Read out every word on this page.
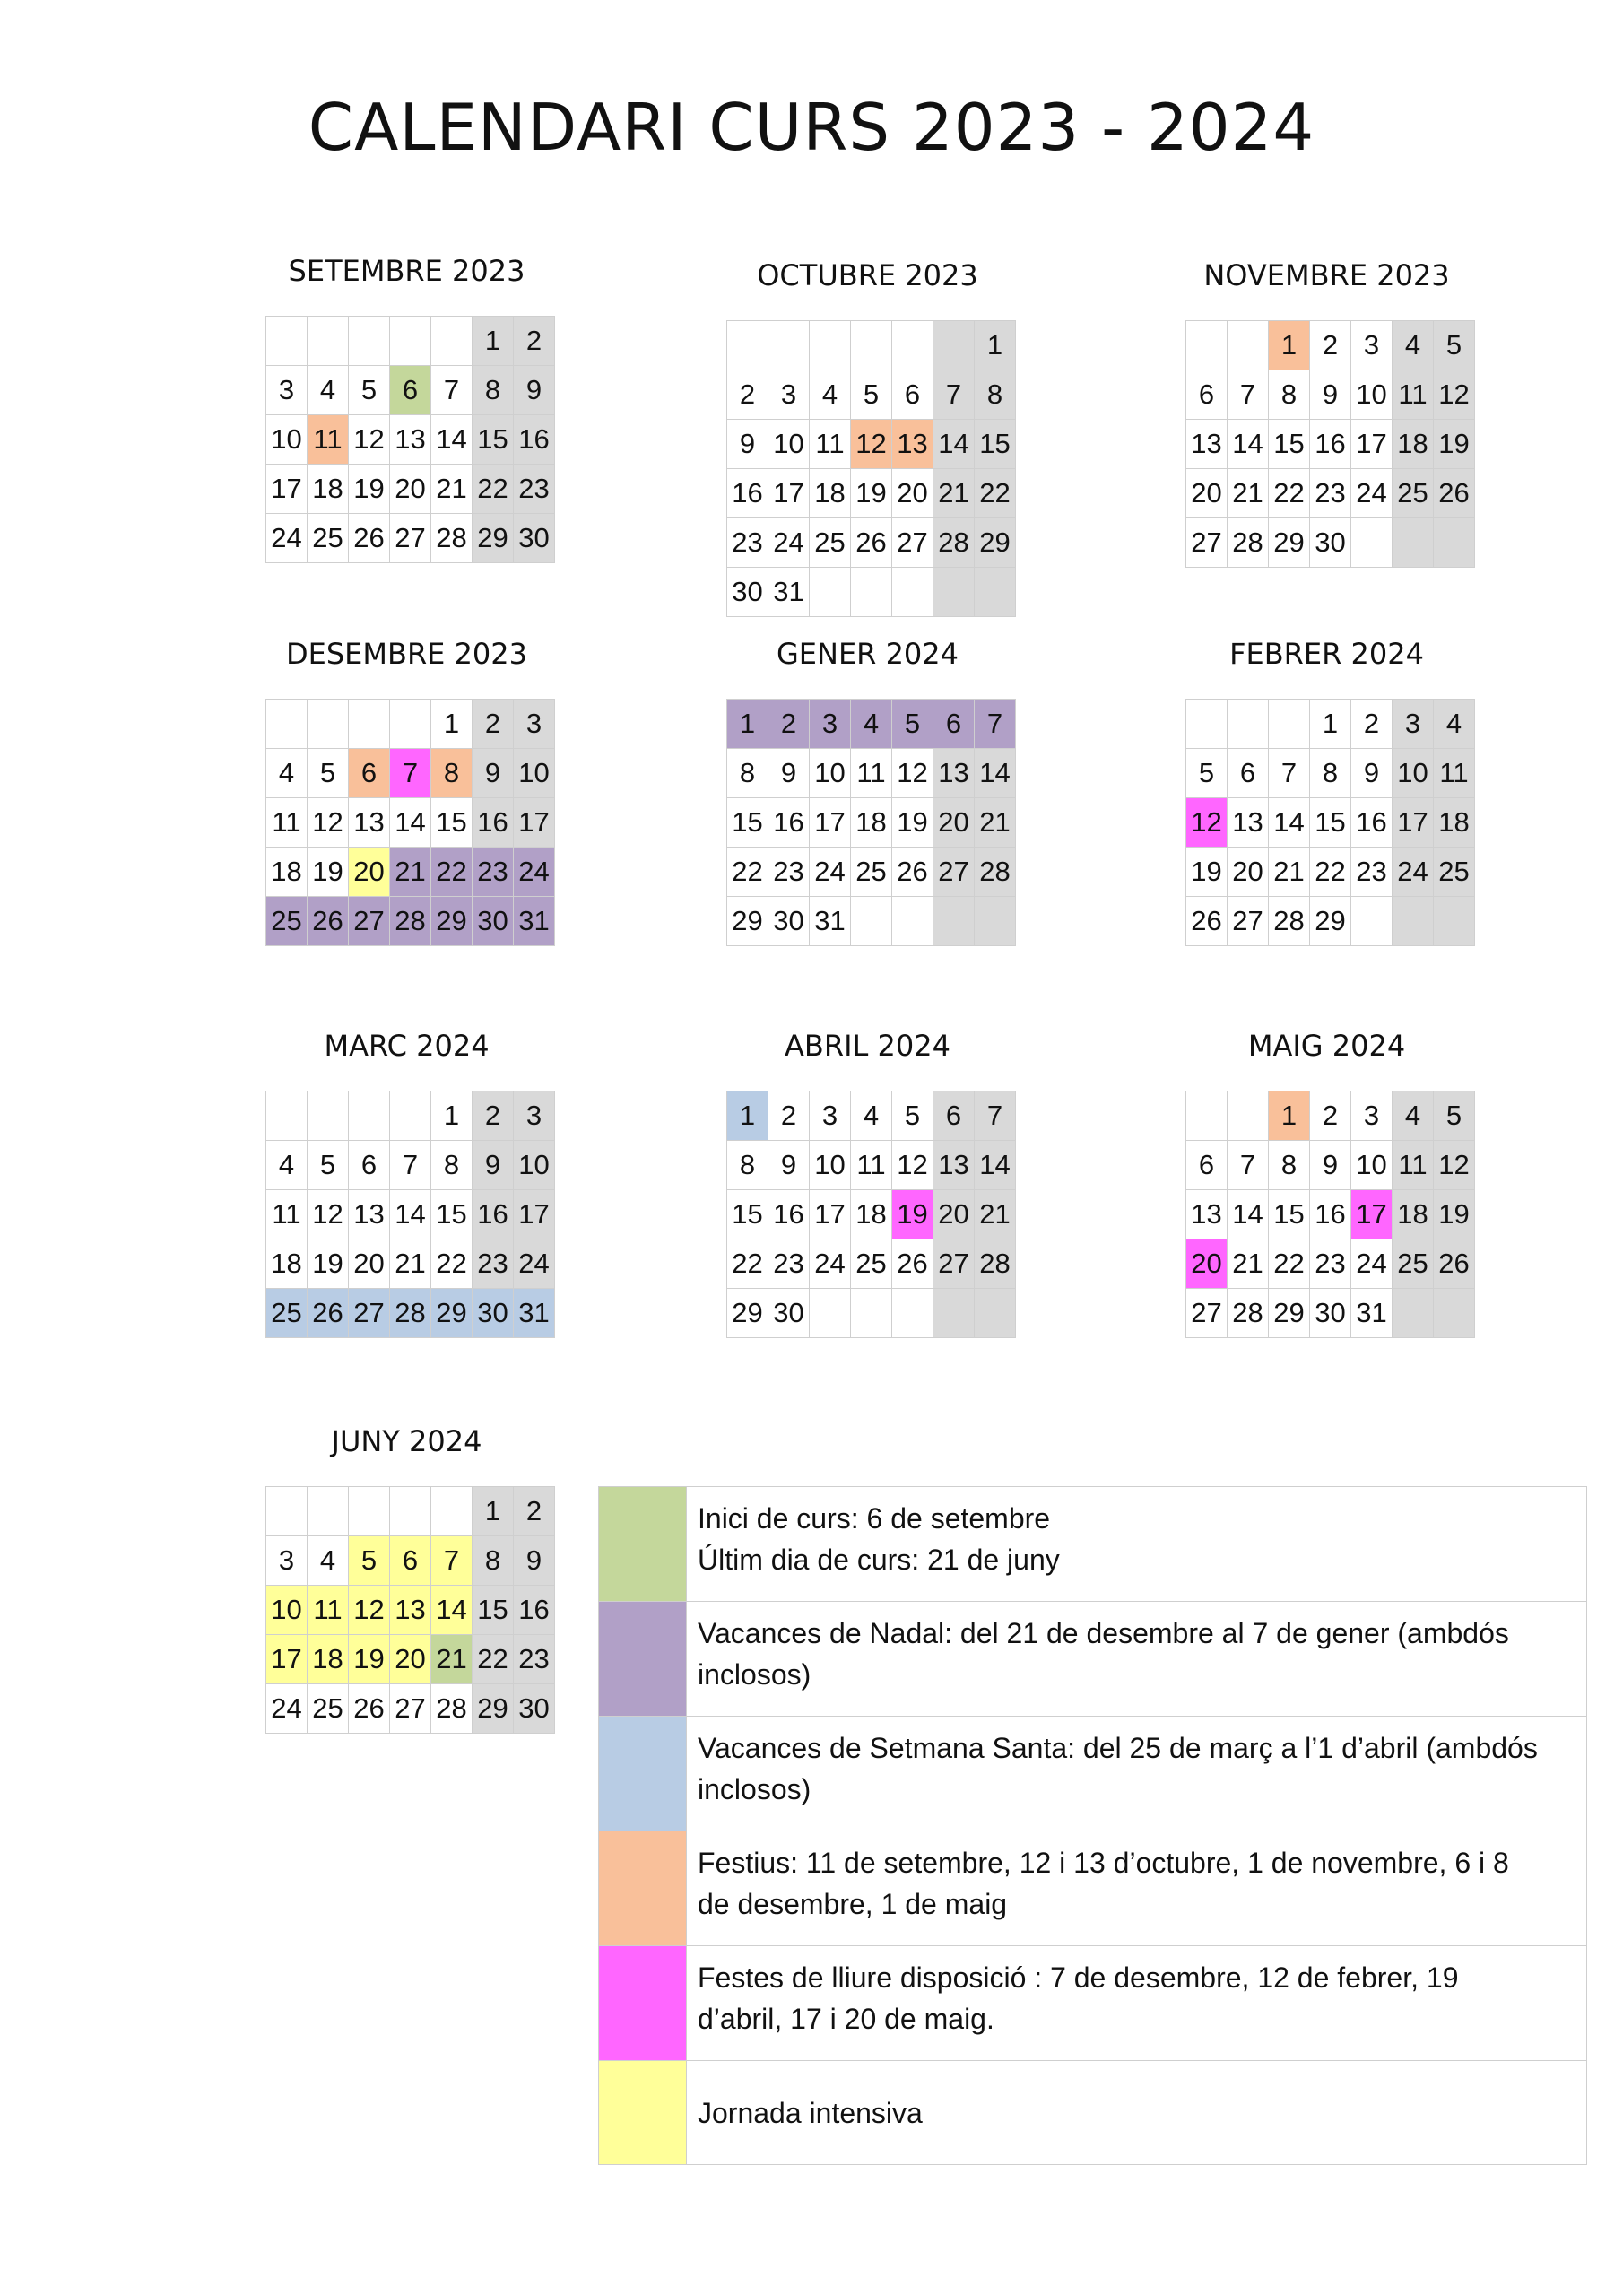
CALENDARI CURS 2023 - 2024
SETEMBRE 2023
					1	2
3	4	5	6	7	8	9
10	11	12	13	14	15	16
17	18	19	20	21	22	23
24	25	26	27	28	29	30
OCTUBRE 2023
						1
2	3	4	5	6	7	8
9	10	11	12	13	14	15
16	17	18	19	20	21	22
23	24	25	26	27	28	29
30	31					
NOVEMBRE 2023
		1	2	3	4	5
6	7	8	9	10	11	12
13	14	15	16	17	18	19
20	21	22	23	24	25	26
27	28	29	30			
DESEMBRE 2023
				1	2	3
4	5	6	7	8	9	10
11	12	13	14	15	16	17
18	19	20	21	22	23	24
25	26	27	28	29	30	31
GENER 2024
1	2	3	4	5	6	7
8	9	10	11	12	13	14
15	16	17	18	19	20	21
22	23	24	25	26	27	28
29	30	31				
FEBRER 2024
			1	2	3	4
5	6	7	8	9	10	11
12	13	14	15	16	17	18
19	20	21	22	23	24	25
26	27	28	29			
MARC 2024
				1	2	3
4	5	6	7	8	9	10
11	12	13	14	15	16	17
18	19	20	21	22	23	24
25	26	27	28	29	30	31
ABRIL 2024
1	2	3	4	5	6	7
8	9	10	11	12	13	14
15	16	17	18	19	20	21
22	23	24	25	26	27	28
29	30					
MAIG 2024
		1	2	3	4	5
6	7	8	9	10	11	12
13	14	15	16	17	18	19
20	21	22	23	24	25	26
27	28	29	30	31		
JUNY 2024
					1	2
3	4	5	6	7	8	9
10	11	12	13	14	15	16
17	18	19	20	21	22	23
24	25	26	27	28	29	30

	Inici de curs: 6 de setembre
Últim dia de curs: 21 de juny

	Vacances de Nadal: del 21 de desembre al 7 de gener (ambdós
inclosos)

	Vacances de Setmana Santa: del 25 de març a l’1 d’abril (ambdós
inclosos)

	Festius: 11 de setembre, 12 i 13 d’octubre, 1 de novembre, 6 i 8
de desembre, 1 de maig

	Festes de lliure disposició : 7 de desembre, 12 de febrer, 19
d’abril, 17 i 20 de maig.

	Jornada intensiva
